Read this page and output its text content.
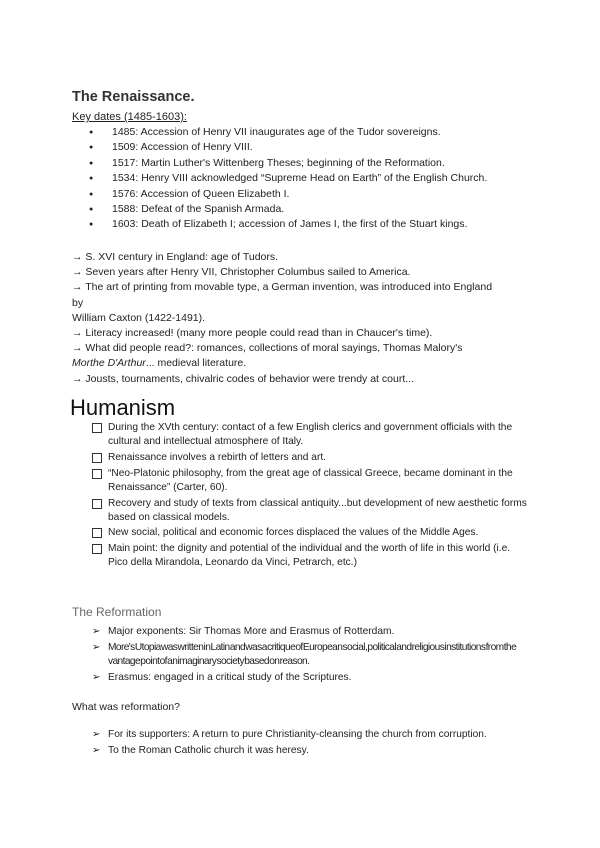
The Renaissance.
Key dates (1485-1603):
● 1485: Accession of Henry VII inaugurates age of the Tudor sovereigns.
● 1509: Accession of Henry VIII.
● 1517: Martin Luther's Wittenberg Theses; beginning of the Reformation.
● 1534: Henry VIII acknowledged “Supreme Head on Earth” of the English Church.
● 1576: Accession of Queen Elizabeth I.
● 1588: Defeat of the Spanish Armada.
● 1603: Death of Elizabeth I; accession of James I, the first of the Stuart kings.
→ S. XVI century in England: age of Tudors.
→ Seven years after Henry VII, Christopher Columbus sailed to America.
→ The art of printing from movable type, a German invention, was introduced into England
by
William Caxton (1422-1491).
→ Literacy increased! (many more people could read than in Chaucer's time).
→ What did people read?: romances, collections of moral sayings, Thomas Malory's
Morthe D'Arthur... medieval literature.
→ Jousts, tournaments, chivalric codes of behavior were trendy at court...
Humanism
During the XVth century: contact of a few English clerics and government officials with the cultural and intellectual atmosphere of Italy.
Renaissance involves a rebirth of letters and art.
“Neo-Platonic philosophy, from the great age of classical Greece, became dominant in the Renaissance” (Carter, 60).
Recovery and study of texts from classical antiquity...but development of new aesthetic forms based on classical models.
New social, political and economic forces displaced the values of the Middle Ages.
Main point: the dignity and potential of the individual and the worth of life in this world (i.e. Pico della Mirandola, Leonardo da Vinci, Petrarch, etc.)
The Reformation
➢ Major exponents: Sir Thomas More and Erasmus of Rotterdam.
➢ More's Utopia was written in Latin and was a critique of European social, political and religious institutions from the vantage point of an imaginary society based on reason.
➢ Erasmus: engaged in a critical study of the Scriptures.
What was reformation?
➢ For its supporters: A return to pure Christianity-cleansing the church from corruption.
➢ To the Roman Catholic church it was heresy.
